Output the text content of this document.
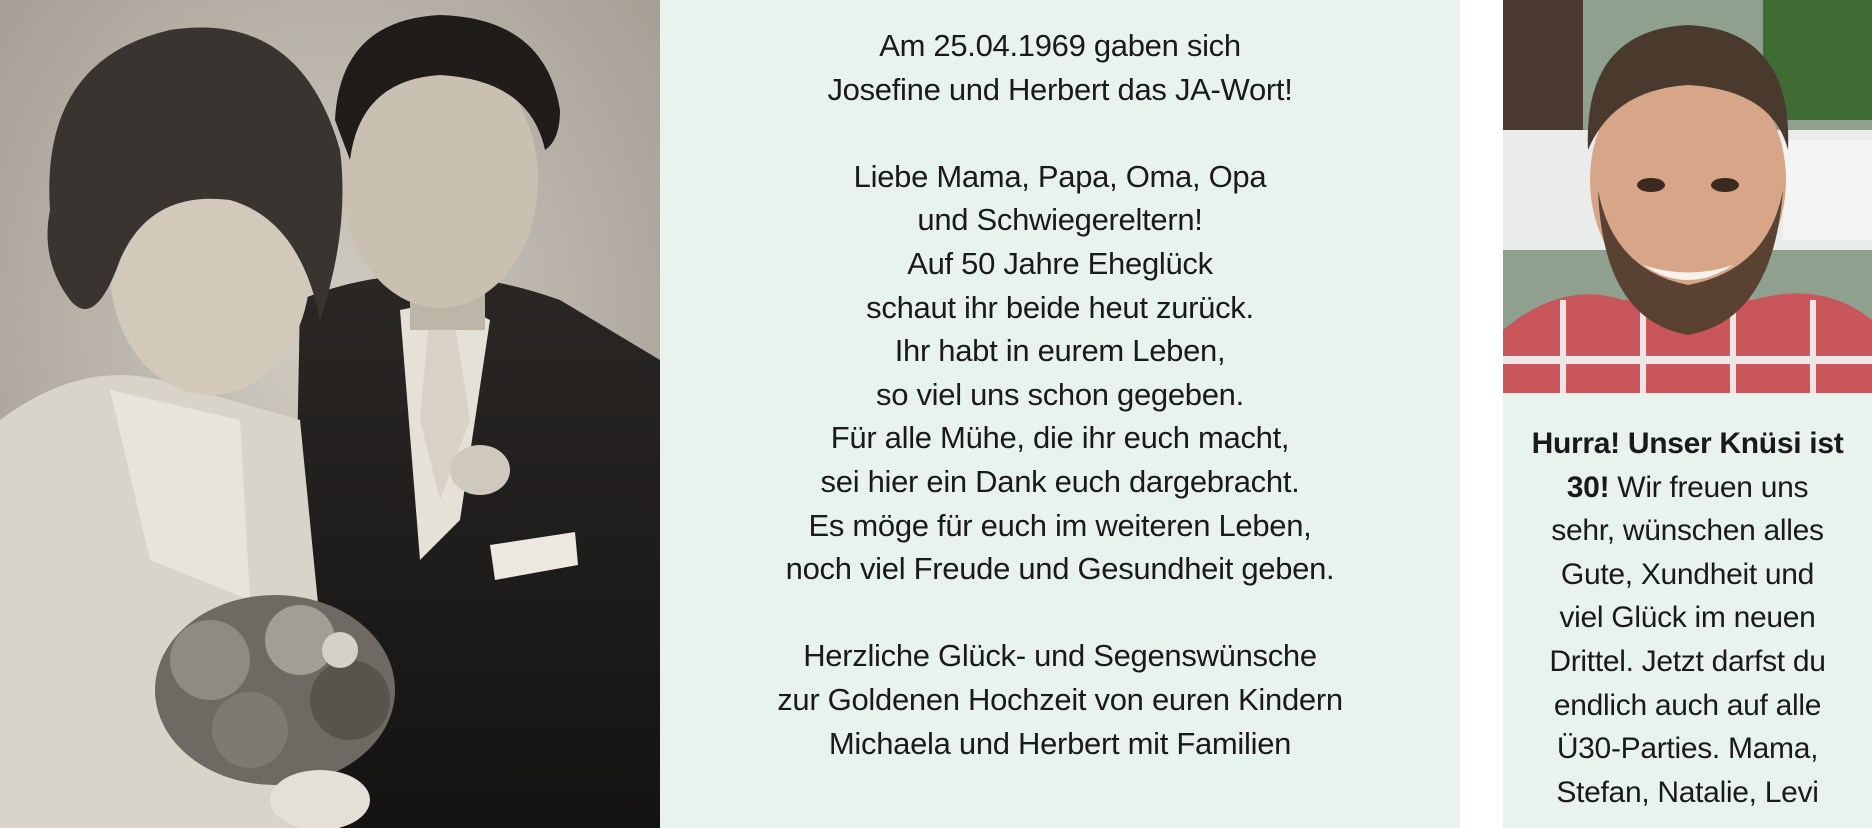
Am 25.04.1969 gaben sich
Josefine und Herbert das JA-Wort!
Liebe Mama, Papa, Oma, Opa
und Schwiegereltern!
Auf 50 Jahre Eheglück
schaut ihr beide heut zurück.
Ihr habt in eurem Leben,
so viel uns schon gegeben.
Für alle Mühe, die ihr euch macht,
sei hier ein Dank euch dargebracht.
Es möge für euch im weiteren Leben,
noch viel Freude und Gesundheit geben.
Herzliche Glück- und Segenswünsche
zur Goldenen Hochzeit von euren Kindern
Michaela und Herbert mit Familien
Hurra! Unser Knüsi ist
30! Wir freuen uns
sehr, wünschen alles
Gute, Xundheit und
viel Glück im neuen
Drittel. Jetzt darfst du
endlich auch auf alle
Ü30-Parties. Mama,
Stefan, Natalie, Levi
